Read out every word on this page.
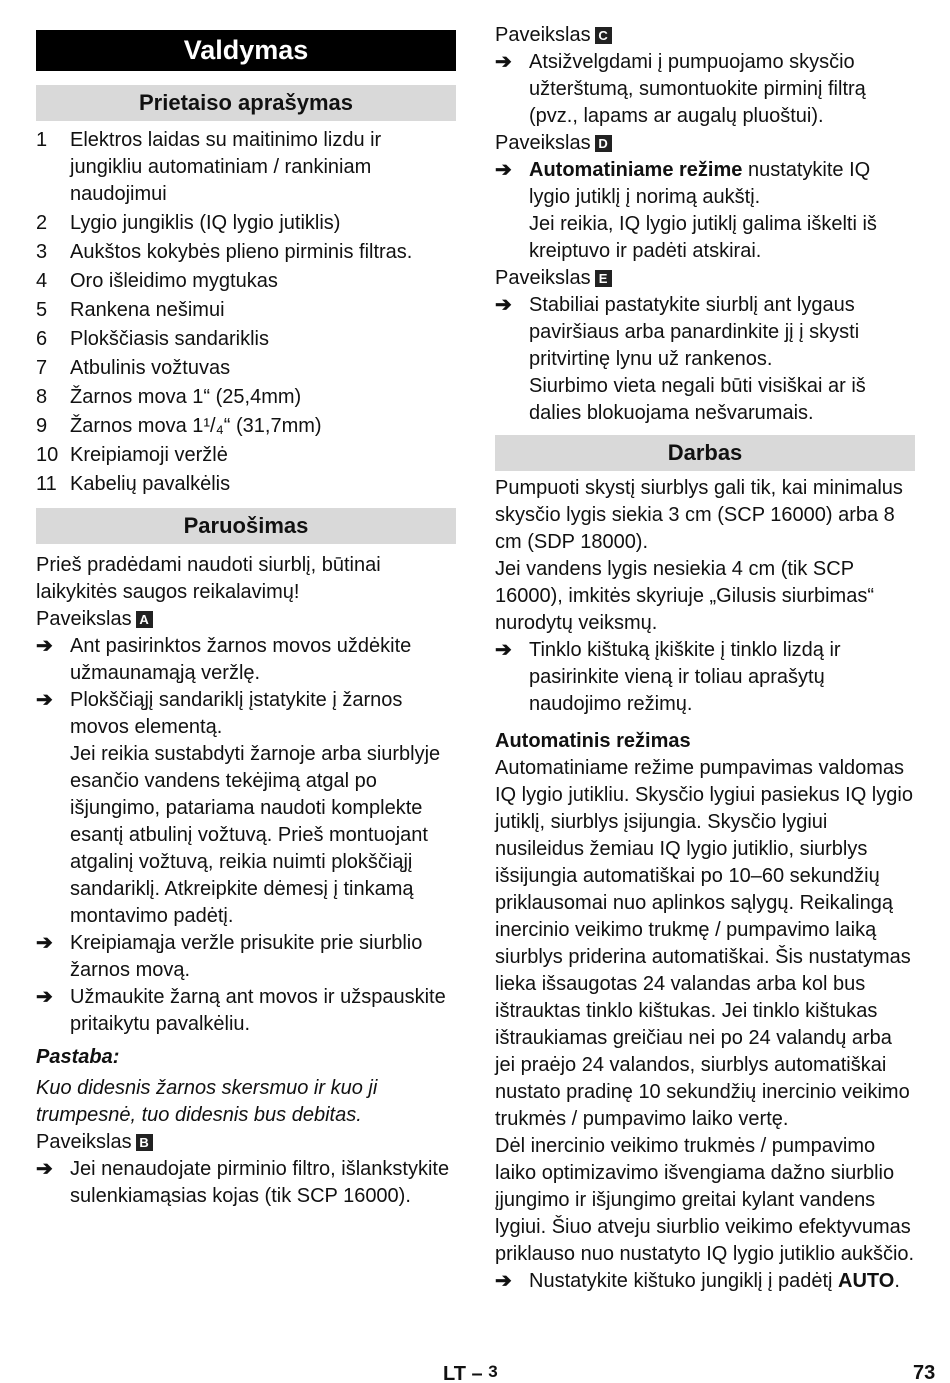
Valdymas
Prietaiso aprašymas
1	Elektros laidas su maitinimo lizdu ir jungikliu automatiniam / rankiniam naudojimui
2	Lygio jungiklis (IQ lygio jutiklis)
3	Aukštos kokybės plieno pirminis filtras.
4	Oro išleidimo mygtukas
5	Rankena nešimui
6	Plokščiasis sandariklis
7	Atbulinis vožtuvas
8	Žarnos mova 1“ (25,4mm)
9	Žarnos mova 1¹/₄“ (31,7mm)
10 Kreipiamoji veržlė
11 Kabelių pavalkėlis
Paruošimas
Prieš pradėdami naudoti siurblį, būtinai laikykitės saugos reikalavimų!
Paveikslas A
➔ Ant pasirinktos žarnos movos uždėkite užmaunamąją veržlę.
➔ Plokščiąjį sandariklį įstatykite į žarnos movos elementą.
Jei reikia sustabdyti žarnoje arba siurblyje esančio vandens tekėjimą atgal po išjungimo, patariama naudoti komplekte esantį atbulinį vožtuvą. Prieš montuojant atgalinį vožtuvą, reikia nuimti plokščiąjį sandariklį. Atkreipkite dėmesį į tinkamą montavimo padėtį.
➔ Kreipiamąja veržle prisukite prie siurblio žarnos movą.
➔ Užmaukite žarną ant movos ir užspauskite pritaikytu pavalkėliu.
Pastaba:
Kuo didesnis žarnos skersmuo ir kuo ji trumpesnė, tuo didesnis bus debitas.
Paveikslas B
➔ Jei nenaudojate pirminio filtro, išlankstykite sulenkiamąsias kojas (tik SCP 16000).
Paveikslas C
➔ Atsižvelgdami į pumpuojamo skysčio užterštumą, sumontuokite pirminį filtrą (pvz., lapams ar augalų pluoštui).
Paveikslas D
➔ Automatiniame režime nustatykite IQ lygio jutiklį į norimą aukštį.
Jei reikia, IQ lygio jutiklį galima iškelti iš kreiptuvo ir padėti atskirai.
Paveikslas E
➔ Stabiliai pastatykite siurblį ant lygaus paviršiaus arba panardinkite jį į skysti pritvirtinę lynu už rankenos.
Siurbimo vieta negali būti visiškai ar iš dalies blokuojama nešvarumais.
Darbas
Pumpuoti skystį siurblys gali tik, kai minimalus skysčio lygis siekia 3 cm (SCP 16000) arba 8 cm (SDP 18000).
Jei vandens lygis nesiekia 4 cm (tik SCP 16000), imkitės skyriuje „Gilusis siurbimas“ nurodytų veiksmų.
➔ Tinklo kištuką įkiškite į tinklo lizdą ir pasirinkite vieną ir toliau aprašytų naudojimo režimų.
Automatinis režimas
Automatiniame režime pumpavimas valdomas IQ lygio jutikliu. Skysčio lygiui pasiekus IQ lygio jutiklį, siurblys įsijungia. Skysčio lygiui nusileidus žemiau IQ lygio jutiklio, siurblys išsijungia automatiškai po 10–60 sekundžių priklausomai nuo aplinkos sąlygų. Reikalingą inercinio veikimo trukmę / pumpavimo laiką siurblys priderina automatiškai. Šis nustatymas lieka išsaugotas 24 valandas arba kol bus ištrauktas tinklo kištukas. Jei tinklo kištukas ištraukiamas greičiau nei po 24 valandų arba jei praėjo 24 valandos, siurblys automatiškai nustato pradinę 10 sekundžių inercinio veikimo trukmės / pumpavimo laiko vertę.
Dėl inercinio veikimo trukmės / pumpavimo laiko optimizavimo išvengiama dažno siurblio įjungimo ir išjungimo greitai kylant vandens lygiui. Šiuo atveju siurblio veikimo efektyvumas priklauso nuo nustatyto IQ lygio jutiklio aukščio.
➔ Nustatykite kištuko jungiklį į padėtį AUTO.
LT – 3	73
